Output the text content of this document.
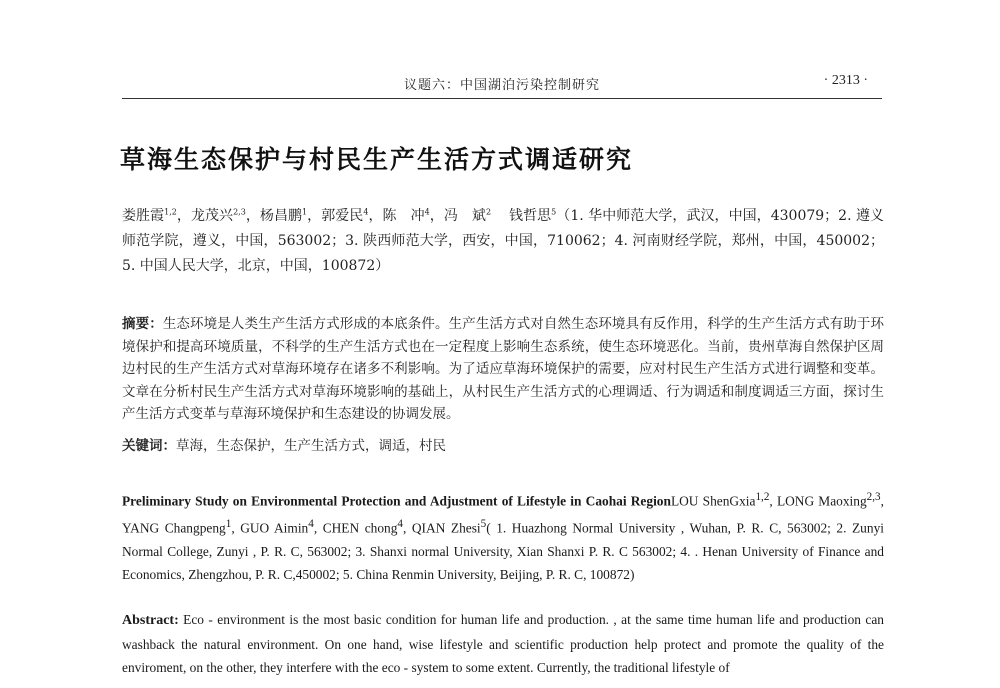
议题六：中国湖泊污染控制研究	· 2313 ·
草海生态保护与村民生产生活方式调适研究
娄胜霞$^{1,2}$，龙茂兴$^{2,3}$，杨昌鹏$^1$，郭爱民$^4$，陈　冲$^4$，冯　斌$^2$ 钱哲思$^5$（1. 华中师范大学，武汉，中国，430079；2. 遵义师范学院，遵义，中国，563002；3. 陕西师范大学，西安，中国，710062；4. 河南财经学院，郑州，中国，450002；5. 中国人民大学，北京，中国，100872）
摘要：生态环境是人类生产生活方式形成的本底条件。生产生活方式对自然生态环境具有反作用，科学的生产生活方式有助于环境保护和提高环境质量，不科学的生产生活方式也在一定程度上影响生态系统，使生态环境恶化。当前，贵州草海自然保护区周边村民的生产生活方式对草海环境存在诸多不利影响。为了适应草海环境保护的需要，应对村民生产生活方式进行调整和变革。文章在分析村民生产生活方式对草海环境影响的基础上，从村民生产生活方式的心理调适、行为调适和制度调适三方面，探讨生产生活方式变革与草海环境保护和生态建设的协调发展。
关键词：草海，生态保护，生产生活方式，调适，村民
Preliminary Study on Environmental Protection and Adjustment of Lifestyle in Caohai RegionLOU ShenGxia$^{1,2}$, LONG Maoxing$^{2,3}$, YANG Changpeng$^1$, GUO Aimin$^4$, CHEN chong$^4$, QIAN Zhesi$^5$( 1. Huazhong Normal University , Wuhan, P. R. C, 563002; 2. Zunyi Normal College, Zunyi , P. R. C, 563002; 3. Shanxi normal University, Xian Shanxi P. R. C 563002; 4. . Henan University of Finance and Economics, Zhengzhou, P. R. C,450002; 5. China Renmin University, Beijing, P. R. C, 100872)
Abstract: Eco - environment is the most basic condition for human life and production. , at the same time human life and production can washback the natural environment. On one hand, wise lifestyle and scientific production help protect and promote the quality of the enviroment, on the other, they interfere with the eco - system to some extent. Currently, the traditional lifestyle of
